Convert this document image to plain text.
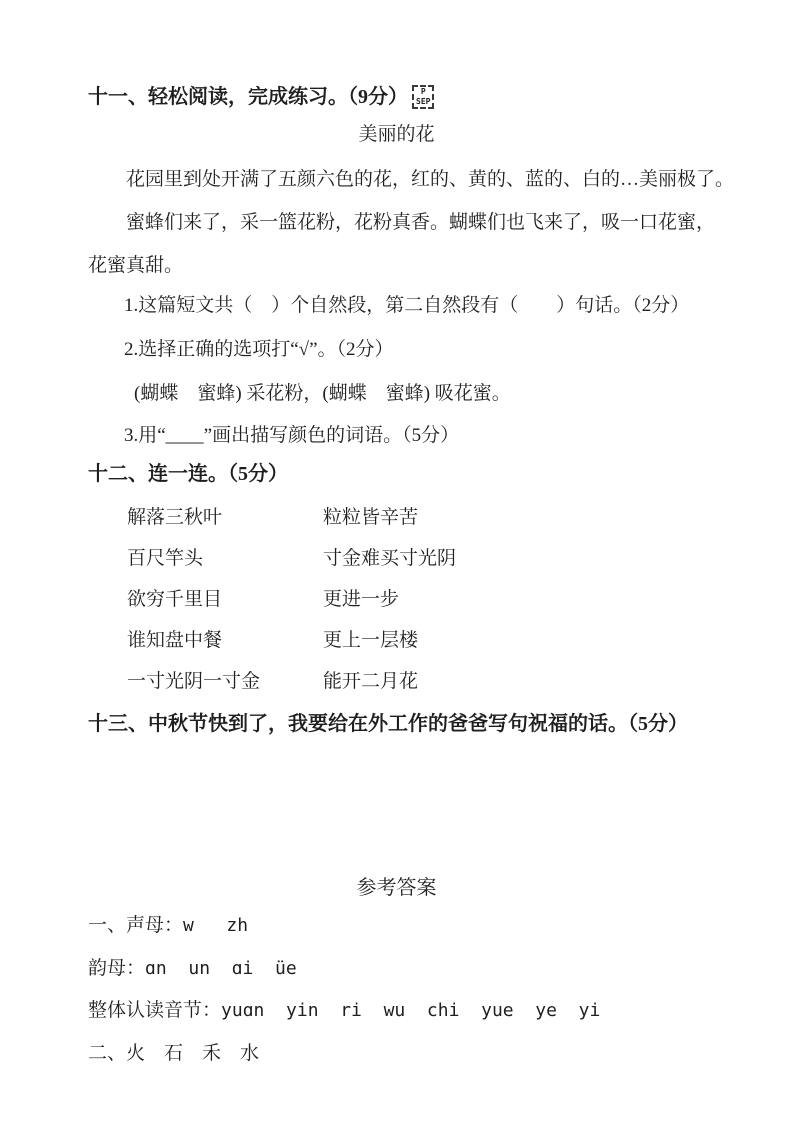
十一、轻松阅读，完成练习。（9分）	P
SEP
美丽的花
花园里到处开满了五颜六色的花，红的、黄的、蓝的、白的…美丽极了。
蜜蜂们来了，采一篮花粉，花粉真香。蝴蝶们也飞来了，吸一口花蜜，花蜜真甜。
1.这篇短文共（　）个自然段，第二自然段有（　　）句话。（2分）
2.选择正确的选项打“√”。（2分）
(蝴蝶　蜜蜂) 采花粉，(蝴蝶　蜜蜂) 吸花蜜。
3.用“____”画出描写颜色的词语。（5分）
十二、连一连。（5分）
解落三秋叶	粒粒皆辛苦
百尺竿头	寸金难买寸光阴
欲穷千里目	更进一步
谁知盘中餐	更上一层楼
一寸光阴一寸金	能开二月花
十三、中秋节快到了，我要给在外工作的爸爸写句祝福的话。（5分）
参考答案
一、声母：w   zh
韵母：ɑn  un  ɑi  üe
整体认读音节：yuɑn  yin  ri  wu  chi  yue  ye  yi
二、火　石　禾　水
